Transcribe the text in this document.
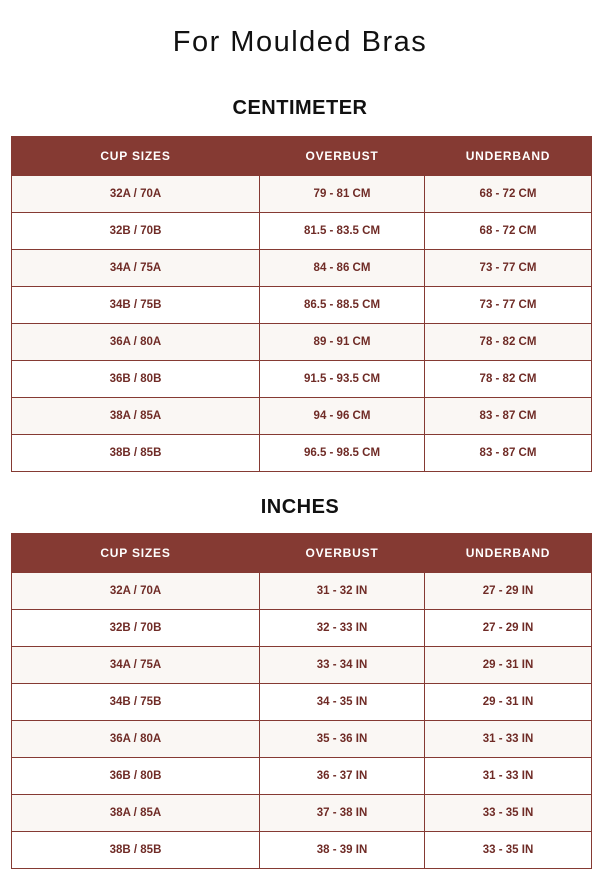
For Moulded Bras
CENTIMETER
CUP SIZES	OVERBUST	UNDERBAND
32A / 70A	79 - 81 CM	68 - 72 CM
32B / 70B	81.5 - 83.5 CM	68 - 72 CM
34A / 75A	84 - 86 CM	73 - 77 CM
34B / 75B	86.5 - 88.5 CM	73 - 77 CM
36A / 80A	89 - 91 CM	78 - 82 CM
36B / 80B	91.5 - 93.5 CM	78 - 82 CM
38A / 85A	94 - 96 CM	83 - 87 CM
38B / 85B	96.5 - 98.5 CM	83 - 87 CM
INCHES
CUP SIZES	OVERBUST	UNDERBAND
32A / 70A	31 - 32 IN	27 - 29 IN
32B / 70B	32 - 33 IN	27 - 29 IN
34A / 75A	33 - 34 IN	29 - 31 IN
34B / 75B	34 - 35 IN	29 - 31 IN
36A / 80A	35 - 36 IN	31 - 33 IN
36B / 80B	36 - 37 IN	31 - 33 IN
38A / 85A	37 - 38 IN	33 - 35 IN
38B / 85B	38 - 39 IN	33 - 35 IN
